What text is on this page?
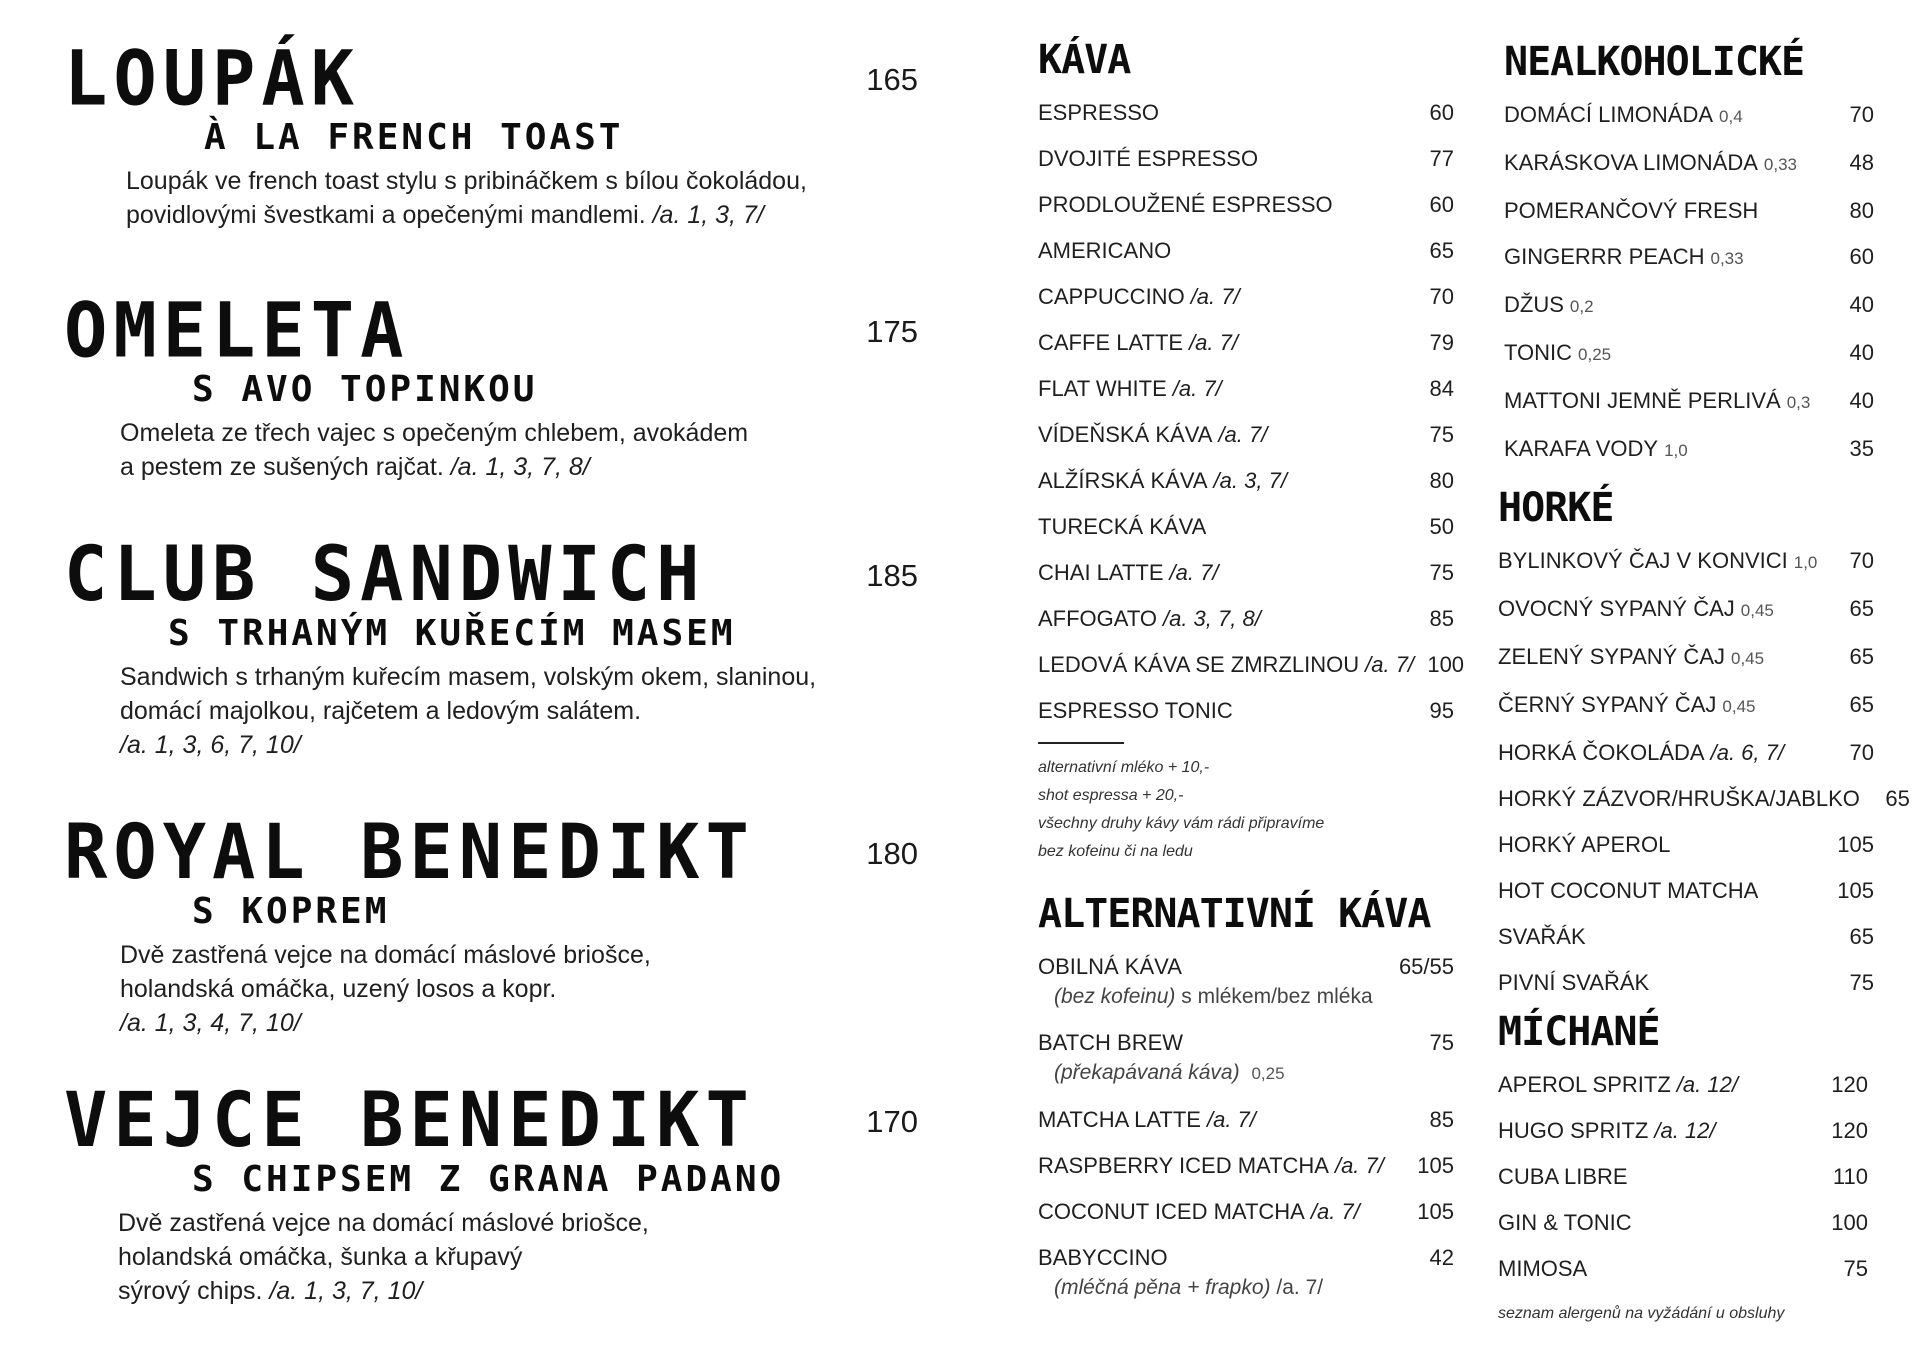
LOUPÁK
À LA FRENCH TOAST
165
Loupák ve french toast stylu s pribináčkem s bílou čokoládou,
povidlovými švestkami a opečenými mandlemi. /a. 1, 3, 7/
OMELETA
S AVO TOPINKOU
175
Omeleta ze třech vajec s opečeným chlebem, avokádem
a pestem ze sušených rajčat. /a. 1, 3, 7, 8/
CLUB SANDWICH
S TRHANÝM KUŘECÍM MASEM
185
Sandwich s trhaným kuřecím masem, volským okem, slaninou,
domácí majolkou, rajčetem a ledovým salátem.
/a. 1, 3, 6, 7, 10/
ROYAL BENEDIKT
S KOPREM
180
Dvě zastřená vejce na domácí máslové briošce,
holandská omáčka, uzený losos a kopr.
/a. 1, 3, 4, 7, 10/
VEJCE BENEDIKT
S CHIPSEM Z GRANA PADANO
170
Dvě zastřená vejce na domácí máslové briošce,
holandská omáčka, šunka a křupavý
sýrový chips. /a. 1, 3, 7, 10/
KÁVA
ESPRESSO	60
DVOJITÉ ESPRESSO	77
PRODLOUŽENÉ ESPRESSO	60
AMERICANO	65
CAPPUCCINO /a. 7/	70
CAFFE LATTE /a. 7/	79
FLAT WHITE /a. 7/	84
VÍDEŇSKÁ KÁVA /a. 7/	75
ALŽÍRSKÁ KÁVA /a. 3, 7/	80
TURECKÁ KÁVA	50
CHAI LATTE /a. 7/	75
AFFOGATO /a. 3, 7, 8/	85
LEDOVÁ KÁVA SE ZMRZLINOU /a. 7/ 100
ESPRESSO TONIC	95
alternativní mléko + 10,-
shot espressa + 20,-
všechny druhy kávy vám rádi připravíme
bez kofeinu či na ledu
ALTERNATIVNÍ KÁVA
OBILNÁ KÁVA	65/55
(bez kofeinu) s mlékem/bez mléka
BATCH BREW	75
(překapávaná káva) 0,25
MATCHA LATTE /a. 7/	85
RASPBERRY ICED MATCHA /a. 7/	105
COCONUT ICED MATCHA /a. 7/	105
BABYCCINO	42
(mléčná pěna + frapko) /a. 7/
NEALKOHOLICKÉ
DOMÁCÍ LIMONÁDA 0,4	70
KARÁSKOVA LIMONÁDA 0,33	48
POMERANČOVÝ FRESH	80
GINGERRR PEACH 0,33	60
DŽUS 0,2	40
TONIC 0,25	40
MATTONI JEMNĚ PERLIVÁ 0,3	40
KARAFA VODY 1,0	35
HORKÉ
BYLINKOVÝ ČAJ V KONVICI 1,0	70
OVOCNÝ SYPANÝ ČAJ 0,45	65
ZELENÝ SYPANÝ ČAJ 0,45	65
ČERNÝ SYPANÝ ČAJ 0,45	65
HORKÁ ČOKOLÁDA /a. 6, 7/	70
HORKÝ ZÁZVOR/HRUŠKA/JABLKO	65
HORKÝ APEROL	105
HOT COCONUT MATCHA	105
SVAŘÁK	65
PIVNÍ SVAŘÁK	75
MÍCHANÉ
APEROL SPRITZ /a. 12/	120
HUGO SPRITZ /a. 12/	120
CUBA LIBRE	110
GIN & TONIC	100
MIMOSA	75
seznam alergenů na vyžádání u obsluhy
